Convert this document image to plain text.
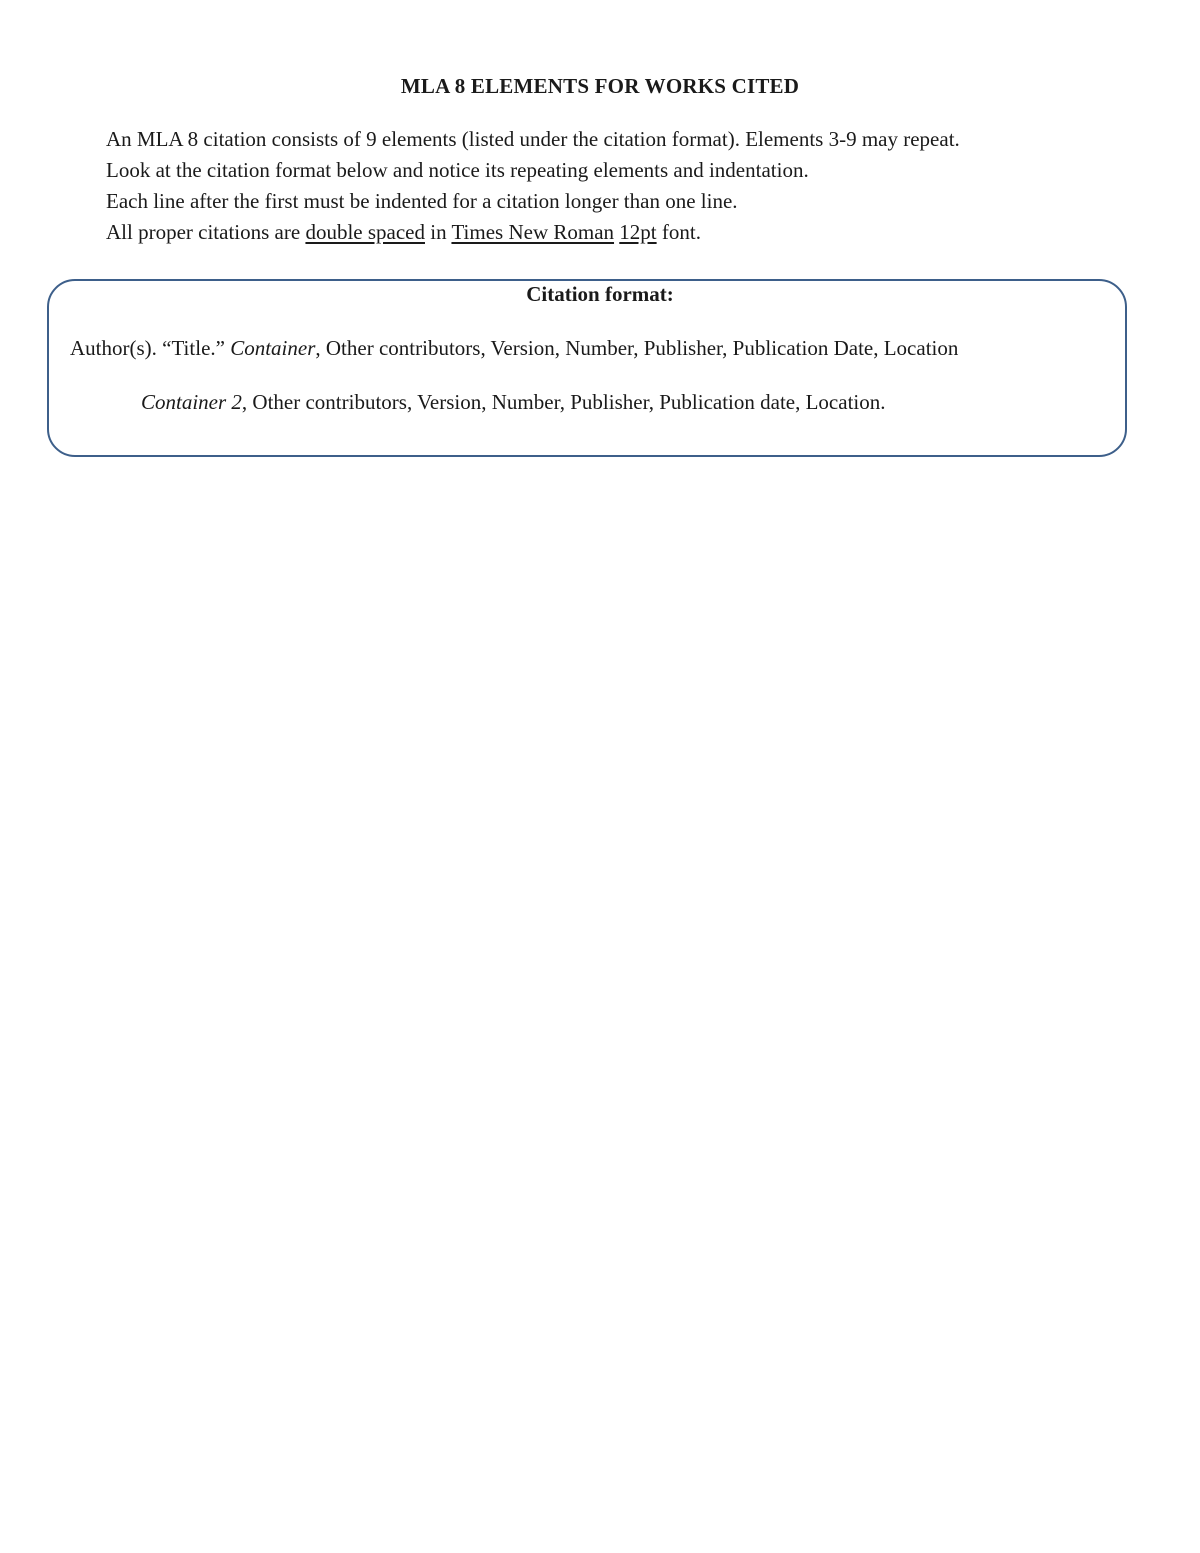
MLA 8 ELEMENTS FOR WORKS CITED

An MLA 8 citation consists of 9 elements (listed under the citation format). Elements 3-9 may repeat.

Look at the citation format below and notice its repeating elements and indentation.

Each line after the first must be indented for a citation longer than one line.

All proper citations are double spaced in Times New Roman 12pt font.

Citation format:
Author(s). “Title.” Container, Other contributors, Version, Number, Publisher, Publication Date, Location
Container 2, Other contributors, Version, Number, Publisher, Publication date, Location.
